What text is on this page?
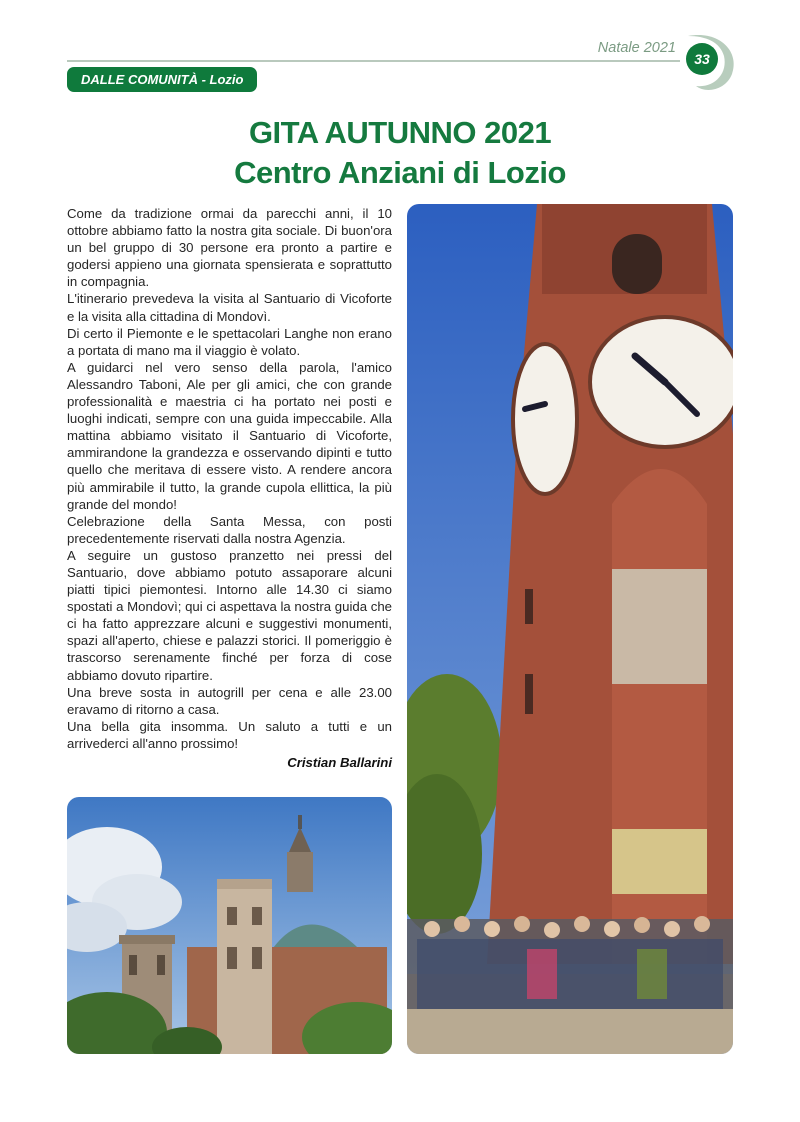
Natale 2021
33
DALLE COMUNITÀ - Lozio
GITA AUTUNNO 2021
Centro Anziani di Lozio

Come da tradizione ormai da parecchi anni, il 10 ottobre abbiamo fatto la nostra gita sociale. Di buon'ora un bel gruppo di 30 persone era pronto a partire e godersi appieno una giornata spensierata e soprattutto in compagnia.

L'itinerario prevedeva la visita al Santuario di Vicoforte e la visita alla cittadina di Mondovì.

Di certo il Piemonte e le spettacolari Langhe non erano a portata di mano ma il viaggio è volato.

A guidarci nel vero senso della parola, l'amico Alessandro Taboni, Ale per gli amici, che con grande professionalità e maestria ci ha portato nei posti e luoghi indicati, sempre con una guida impeccabile. Alla mattina abbiamo visitato il Santuario di Vicoforte, ammirandone la grandezza e osservando dipinti e tutto quello che meritava di essere visto. A rendere ancora più ammirabile il tutto, la grande cupola ellittica, la più grande del mondo!

Celebrazione della Santa Messa, con posti precedentemente riservati dalla nostra Agenzia.

A seguire un gustoso pranzetto nei pressi del Santuario, dove abbiamo potuto assaporare alcuni piatti tipici piemontesi. Intorno alle 14.30 ci siamo spostati a Mondovì; qui ci aspettava la nostra guida che ci ha fatto apprezzare alcuni e suggestivi monumenti, spazi all'aperto, chiese e palazzi storici. Il pomeriggio è trascorso serenamente finché per forza di cose abbiamo dovuto ripartire.

Una breve sosta in autogrill per cena e alle 23.00 eravamo di ritorno a casa.

Una bella gita insomma. Un saluto a tutti e un arrivederci all'anno prossimo!

Cristian Ballarini
